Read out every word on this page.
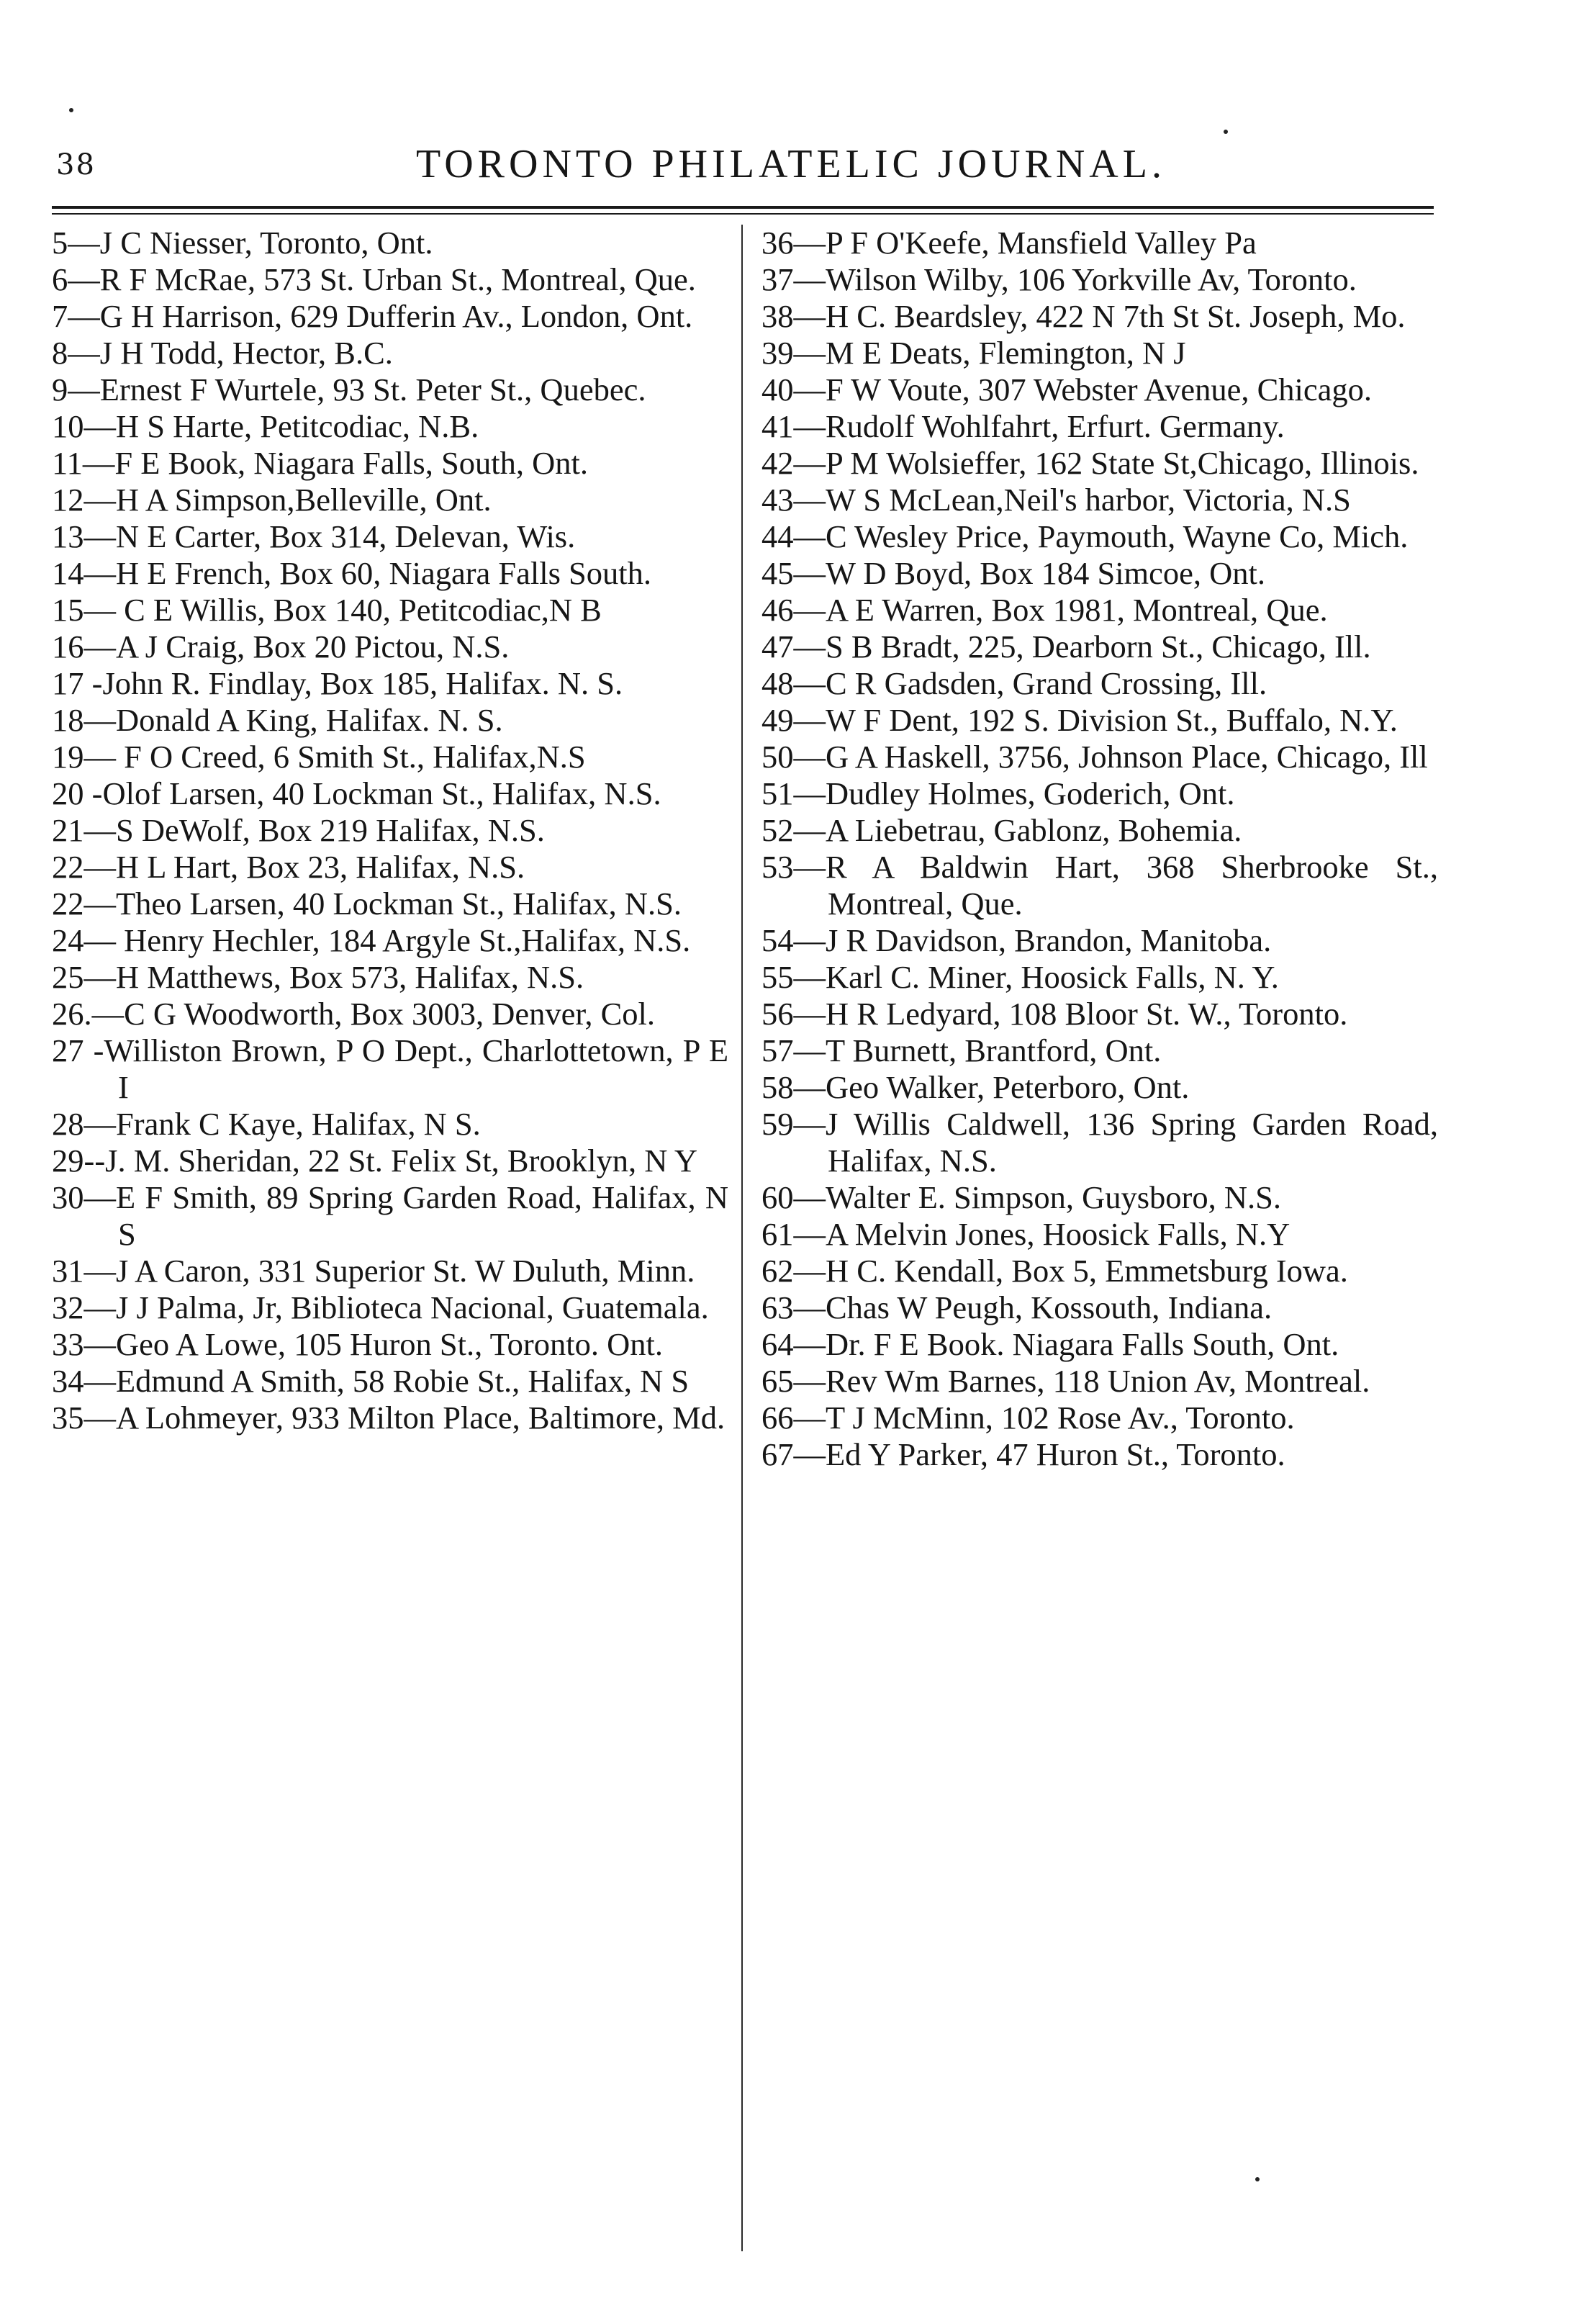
38	TORONTO PHILATELIC JOURNAL.
5—J C Niesser, Toronto, Ont.
6—R F McRae, 573 St. Urban St., Montreal, Que.
7—G H Harrison, 629 Dufferin Av., London, Ont.
8—J H Todd, Hector, B.C.
9—Ernest F Wurtele, 93 St. Peter St., Quebec.
10—H S Harte, Petitcodiac, N.B.
11—F E Book, Niagara Falls, South, Ont.
12—H A Simpson,Belleville, Ont.
13—N E Carter, Box 314, Delevan, Wis.
14—H E French, Box 60, Niagara Falls South.
15— C E Willis, Box 140, Petitcodiac,N B
16—A J Craig, Box 20 Pictou, N.S.
17 -John R. Findlay, Box 185, Halifax. N. S.
18—Donald A King, Halifax. N. S.
19— F O Creed, 6 Smith St., Halifax,N.S
20 -Olof Larsen, 40 Lockman St., Halifax, N.S.
21—S DeWolf, Box 219 Halifax, N.S.
22—H L Hart, Box 23, Halifax, N.S.
22—Theo Larsen, 40 Lockman St., Halifax, N.S.
24— Henry Hechler, 184 Argyle St.,Halifax, N.S.
25—H Matthews, Box 573, Halifax, N.S.
26.—C G Woodworth, Box 3003, Denver, Col.
27 -Williston Brown, P O Dept., Charlottetown, P E I
28—Frank C Kaye, Halifax, N S.
29--J. M. Sheridan, 22 St. Felix St, Brooklyn, N Y
30—E F Smith, 89 Spring Garden Road, Halifax, N S
31—J A Caron, 331 Superior St. W Duluth, Minn.
32—J J Palma, Jr, Biblioteca Nacional, Guatemala.
33—Geo A Lowe, 105 Huron St., Toronto. Ont.
34—Edmund A Smith, 58 Robie St., Halifax, N S
35—A Lohmeyer, 933 Milton Place, Baltimore, Md.
36—P F O'Keefe, Mansfield Valley Pa
37—Wilson Wilby, 106 Yorkville Av, Toronto.
38—H C. Beardsley, 422 N 7th St St. Joseph, Mo.
39—M E Deats, Flemington, N J
40—F W Voute, 307 Webster Avenue, Chicago.
41—Rudolf Wohlfahrt, Erfurt. Germany.
42—P M Wolsieffer, 162 State St,Chicago, Illinois.
43—W S McLean,Neil's harbor, Victoria, N.S
44—C Wesley Price, Paymouth, Wayne Co, Mich.
45—W D Boyd, Box 184 Simcoe, Ont.
46—A E Warren, Box 1981, Montreal, Que.
47—S B Bradt, 225, Dearborn St., Chicago, Ill.
48—C R Gadsden, Grand Crossing, Ill.
49—W F Dent, 192 S. Division St., Buffalo, N.Y.
50—G A Haskell, 3756, Johnson Place, Chicago, Ill
51—Dudley Holmes, Goderich, Ont.
52—A Liebetrau, Gablonz, Bohemia.
53—R A Baldwin Hart, 368 Sherbrooke St., Montreal, Que.
54—J R Davidson, Brandon, Manitoba.
55—Karl C. Miner, Hoosick Falls, N. Y.
56—H R Ledyard, 108 Bloor St. W., Toronto.
57—T Burnett, Brantford, Ont.
58—Geo Walker, Peterboro, Ont.
59—J Willis Caldwell, 136 Spring Garden Road, Halifax, N.S.
60—Walter E. Simpson, Guysboro, N.S.
61—A Melvin Jones, Hoosick Falls, N.Y
62—H C. Kendall, Box 5, Emmetsburg Iowa.
63—Chas W Peugh, Kossouth, Indiana.
64—Dr. F E Book. Niagara Falls South, Ont.
65—Rev Wm Barnes, 118 Union Av, Montreal.
66—T J McMinn, 102 Rose Av., Toronto.
67—Ed Y Parker, 47 Huron St., Toronto.
